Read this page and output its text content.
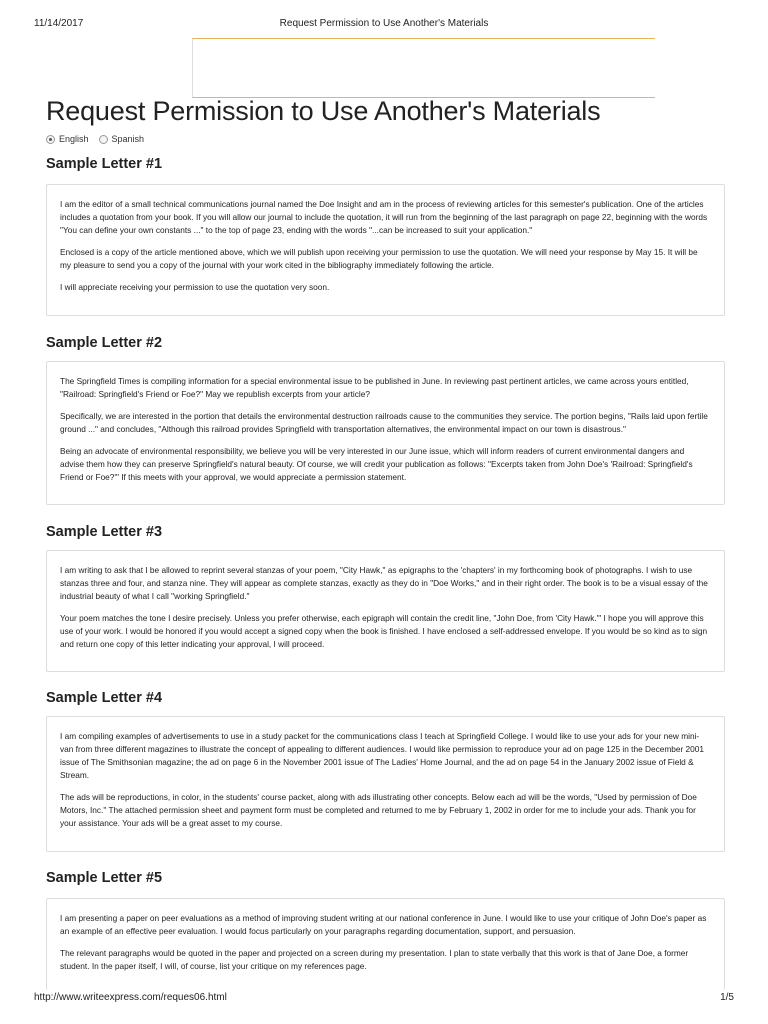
11/14/2017	Request Permission to Use Another's Materials
Request Permission to Use Another's Materials
English	Spanish
Sample Letter #1

I am the editor of a small technical communications journal named the Doe Insight and am in the process of reviewing articles for this semester's publication. One of the articles includes a quotation from your book. If you will allow our journal to include the quotation, it will run from the beginning of the last paragraph on page 22, beginning with the words "You can define your own constants ..." to the top of page 23, ending with the words "...can be increased to suit your application."

Enclosed is a copy of the article mentioned above, which we will publish upon receiving your permission to use the quotation. We will need your response by May 15. It will be my pleasure to send you a copy of the journal with your work cited in the bibliography immediately following the article.

I will appreciate receiving your permission to use the quotation very soon.

Sample Letter #2

The Springfield Times is compiling information for a special environmental issue to be published in June. In reviewing past pertinent articles, we came across yours entitled, "Railroad: Springfield's Friend or Foe?" May we republish excerpts from your article?

Specifically, we are interested in the portion that details the environmental destruction railroads cause to the communities they service. The portion begins, "Rails laid upon fertile ground ..." and concludes, "Although this railroad provides Springfield with transportation alternatives, the environmental impact on our town is disastrous."

Being an advocate of environmental responsibility, we believe you will be very interested in our June issue, which will inform readers of current environmental dangers and advise them how they can preserve Springfield's natural beauty. Of course, we will credit your publication as follows: "Excerpts taken from John Doe's 'Railroad: Springfield's Friend or Foe?'" If this meets with your approval, we would appreciate a permission statement.

Sample Letter #3

I am writing to ask that I be allowed to reprint several stanzas of your poem, "City Hawk," as epigraphs to the 'chapters' in my forthcoming book of photographs. I wish to use stanzas three and four, and stanza nine. They will appear as complete stanzas, exactly as they do in "Doe Works," and in their right order. The book is to be a visual essay of the industrial beauty of what I call "working Springfield."

Your poem matches the tone I desire precisely. Unless you prefer otherwise, each epigraph will contain the credit line, "John Doe, from 'City Hawk.'" I hope you will approve this use of your work. I would be honored if you would accept a signed copy when the book is finished. I have enclosed a self-addressed envelope. If you would be so kind as to sign and return one copy of this letter indicating your approval, I will proceed.

Sample Letter #4

I am compiling examples of advertisements to use in a study packet for the communications class I teach at Springfield College. I would like to use your ads for your new mini-van from three different magazines to illustrate the concept of appealing to different audiences. I would like permission to reproduce your ad on page 125 in the December 2001 issue of The Smithsonian magazine; the ad on page 6 in the November 2001 issue of The Ladies' Home Journal, and the ad on page 54 in the January 2002 issue of Field & Stream.

The ads will be reproductions, in color, in the students' course packet, along with ads illustrating other concepts. Below each ad will be the words, "Used by permission of Doe Motors, Inc." The attached permission sheet and payment form must be completed and returned to me by February 1, 2002 in order for me to include your ads. Thank you for your assistance. Your ads will be a great asset to my course.

Sample Letter #5

I am presenting a paper on peer evaluations as a method of improving student writing at our national conference in June. I would like to use your critique of John Doe's paper as an example of an effective peer evaluation. I would focus particularly on your paragraphs regarding documentation, support, and persuasion.

The relevant paragraphs would be quoted in the paper and projected on a screen during my presentation. I plan to state verbally that this work is that of Jane Doe, a former student. In the paper itself, I will, of course, list your critique on my references page.

http://www.writeexpress.com/reques06.html	1/5
